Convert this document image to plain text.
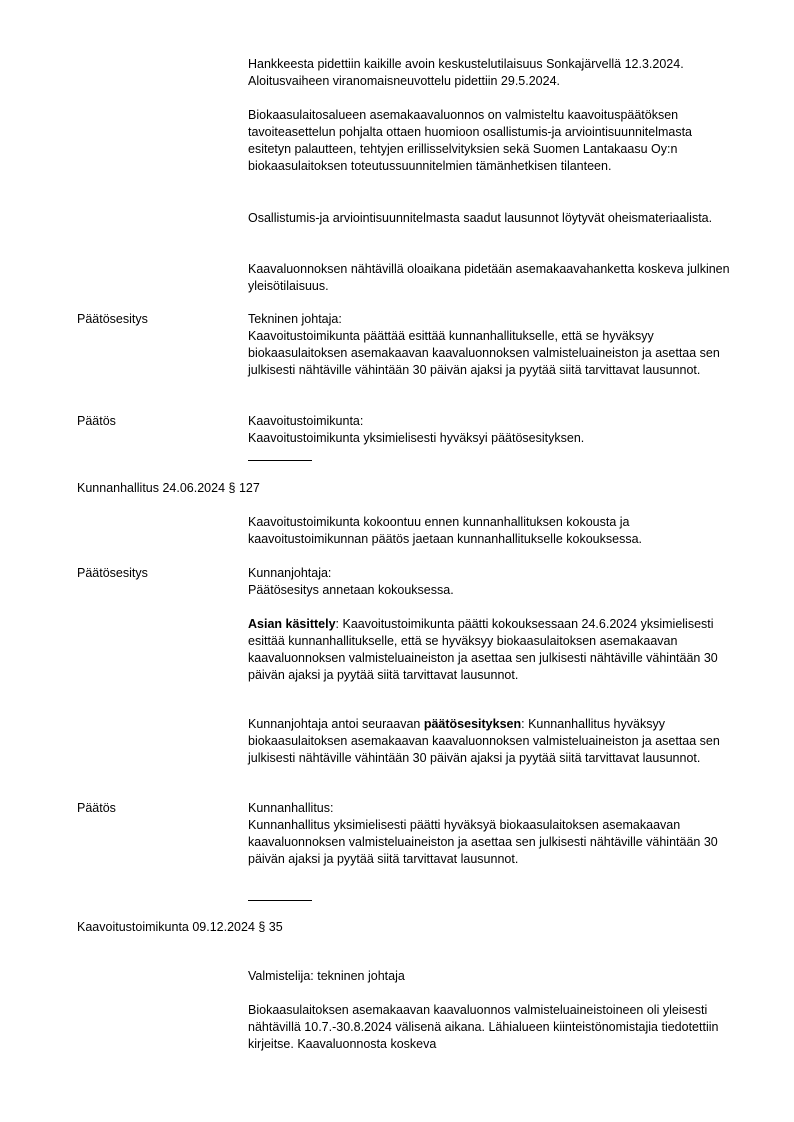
Hankkeesta pidettiin kaikille avoin keskustelutilaisuus Sonkajärvellä 12.3.2024. Aloitusvaiheen viranomaisneuvottelu pidettiin 29.5.2024.

Biokaasulaitosalueen asemakaavaluonnos on valmisteltu kaavoituspäätöksen tavoiteasettelun pohjalta ottaen huomioon osallistumis-ja arviointisuunnitelmasta esitetyn palautteen, tehtyjen erillisselvityksien sekä Suomen Lantakaasu Oy:n biokaasulaitoksen toteutussuunnitelmien tämänhetkisen tilanteen.

Osallistumis-ja arviointisuunnitelmasta saadut lausunnot löytyvät oheismateriaalista.

Kaavaluonnoksen nähtävillä oloaikana pidetään asemakaavahanketta koskeva julkinen yleisötilaisuus.

Päätösesitys	Tekninen johtaja:

Kaavoitustoimikunta päättää esittää kunnanhallitukselle, että se hyväksyy biokaasulaitoksen asemakaavan kaavaluonnoksen valmisteluaineiston ja asettaa sen julkisesti nähtäville vähintään 30 päivän ajaksi ja pyytää siitä tarvittavat lausunnot.

Päätös	Kaavoitustoimikunta:

Kaavoitustoimikunta yksimielisesti hyväksyi päätösesityksen.

Kunnanhallitus 24.06.2024 § 127

Kaavoitustoimikunta kokoontuu ennen kunnanhallituksen kokousta ja kaavoitustoimikunnan päätös jaetaan kunnanhallitukselle kokouksessa.

Päätösesitys	Kunnanjohtaja:

Päätösesitys annetaan kokouksessa.

Asian käsittely: Kaavoitustoimikunta päätti kokouksessaan 24.6.2024 yksimielisesti esittää kunnanhallitukselle, että se hyväksyy biokaasulaitoksen asemakaavan kaavaluonnoksen valmisteluaineiston ja asettaa sen julkisesti nähtäville vähintään 30 päivän ajaksi ja pyytää siitä tarvittavat lausunnot.

Kunnanjohtaja antoi seuraavan päätösesityksen: Kunnanhallitus hyväksyy biokaasulaitoksen asemakaavan kaavaluonnoksen valmisteluaineiston ja asettaa sen julkisesti nähtäville vähintään 30 päivän ajaksi ja pyytää siitä tarvittavat lausunnot.

Päätös	Kunnanhallitus:

Kunnanhallitus yksimielisesti päätti hyväksyä biokaasulaitoksen asemakaavan kaavaluonnoksen valmisteluaineiston ja asettaa sen julkisesti nähtäville vähintään 30 päivän ajaksi ja pyytää siitä tarvittavat lausunnot.

Kaavoitustoimikunta 09.12.2024 § 35

Valmistelija: tekninen johtaja

Biokaasulaitoksen asemakaavan kaavaluonnos valmisteluaineistoineen oli yleisesti nähtävillä 10.7.-30.8.2024 välisenä aikana. Lähialueen kiinteistönomistajia tiedotettiin kirjeitse. Kaavaluonnosta koskeva
